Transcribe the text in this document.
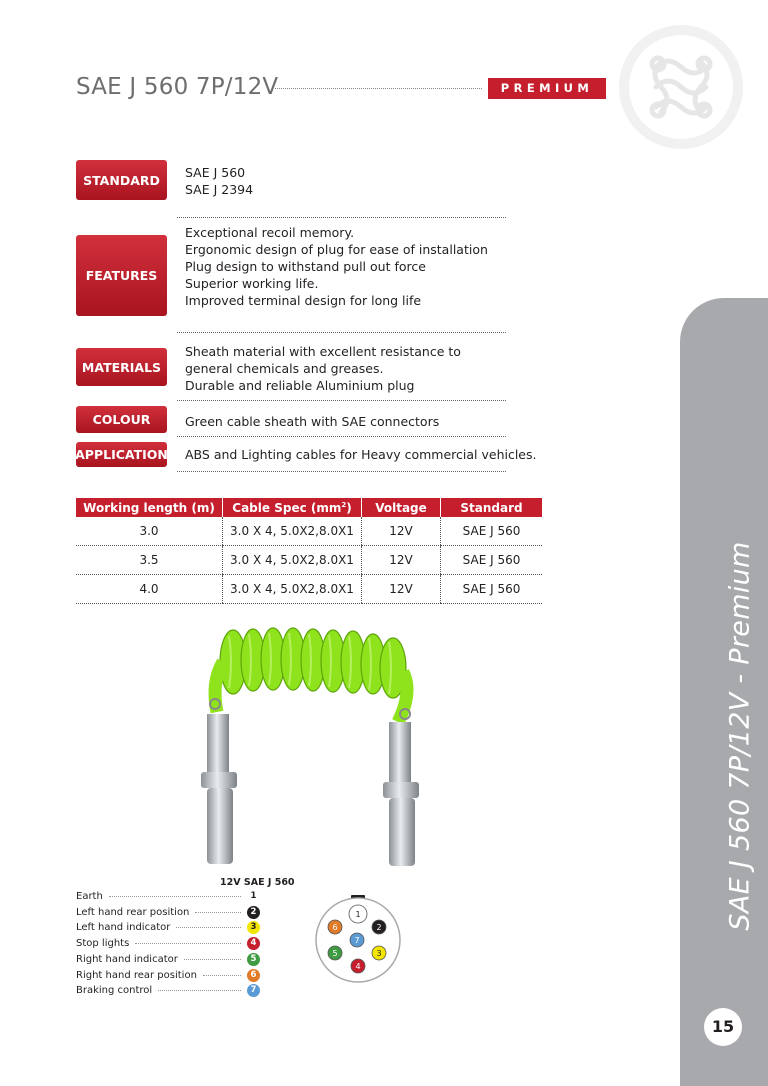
SAE J 560 7P/12V	PREMIUM
SAE J 560 7P/12V - Premium
15
STANDARD	SAE J 560
SAE J 2394
FEATURES
Exceptional recoil memory.
Ergonomic design of plug for ease of installation
Plug design to withstand pull out force
Superior working life.
Improved terminal design for long life
MATERIALS
Sheath material with excellent resistance to
general chemicals and greases.
Durable and reliable Aluminium plug
COLOUR	Green cable sheath with SAE connectors
APPLICATION ABS and Lighting cables for Heavy commercial vehicles.
Working length (m)	Cable Spec $(mm^2)$	Voltage	Standard
3.0	3.0 X 4, 5.0X2,8.0X1	12V	SAE J 560
3.5	3.0 X 4, 5.0X2,8.0X1	12V	SAE J 560
4.0	3.0 X 4, 5.0X2,8.0X1	12V	SAE J 560
12V SAE J 560
Earth	1
Left hand rear position	2
Left hand indicator	3
Stop lights	4
Right hand indicator	5
Right hand rear position	6
Braking control	7
1
2
3
4
5
6
7
